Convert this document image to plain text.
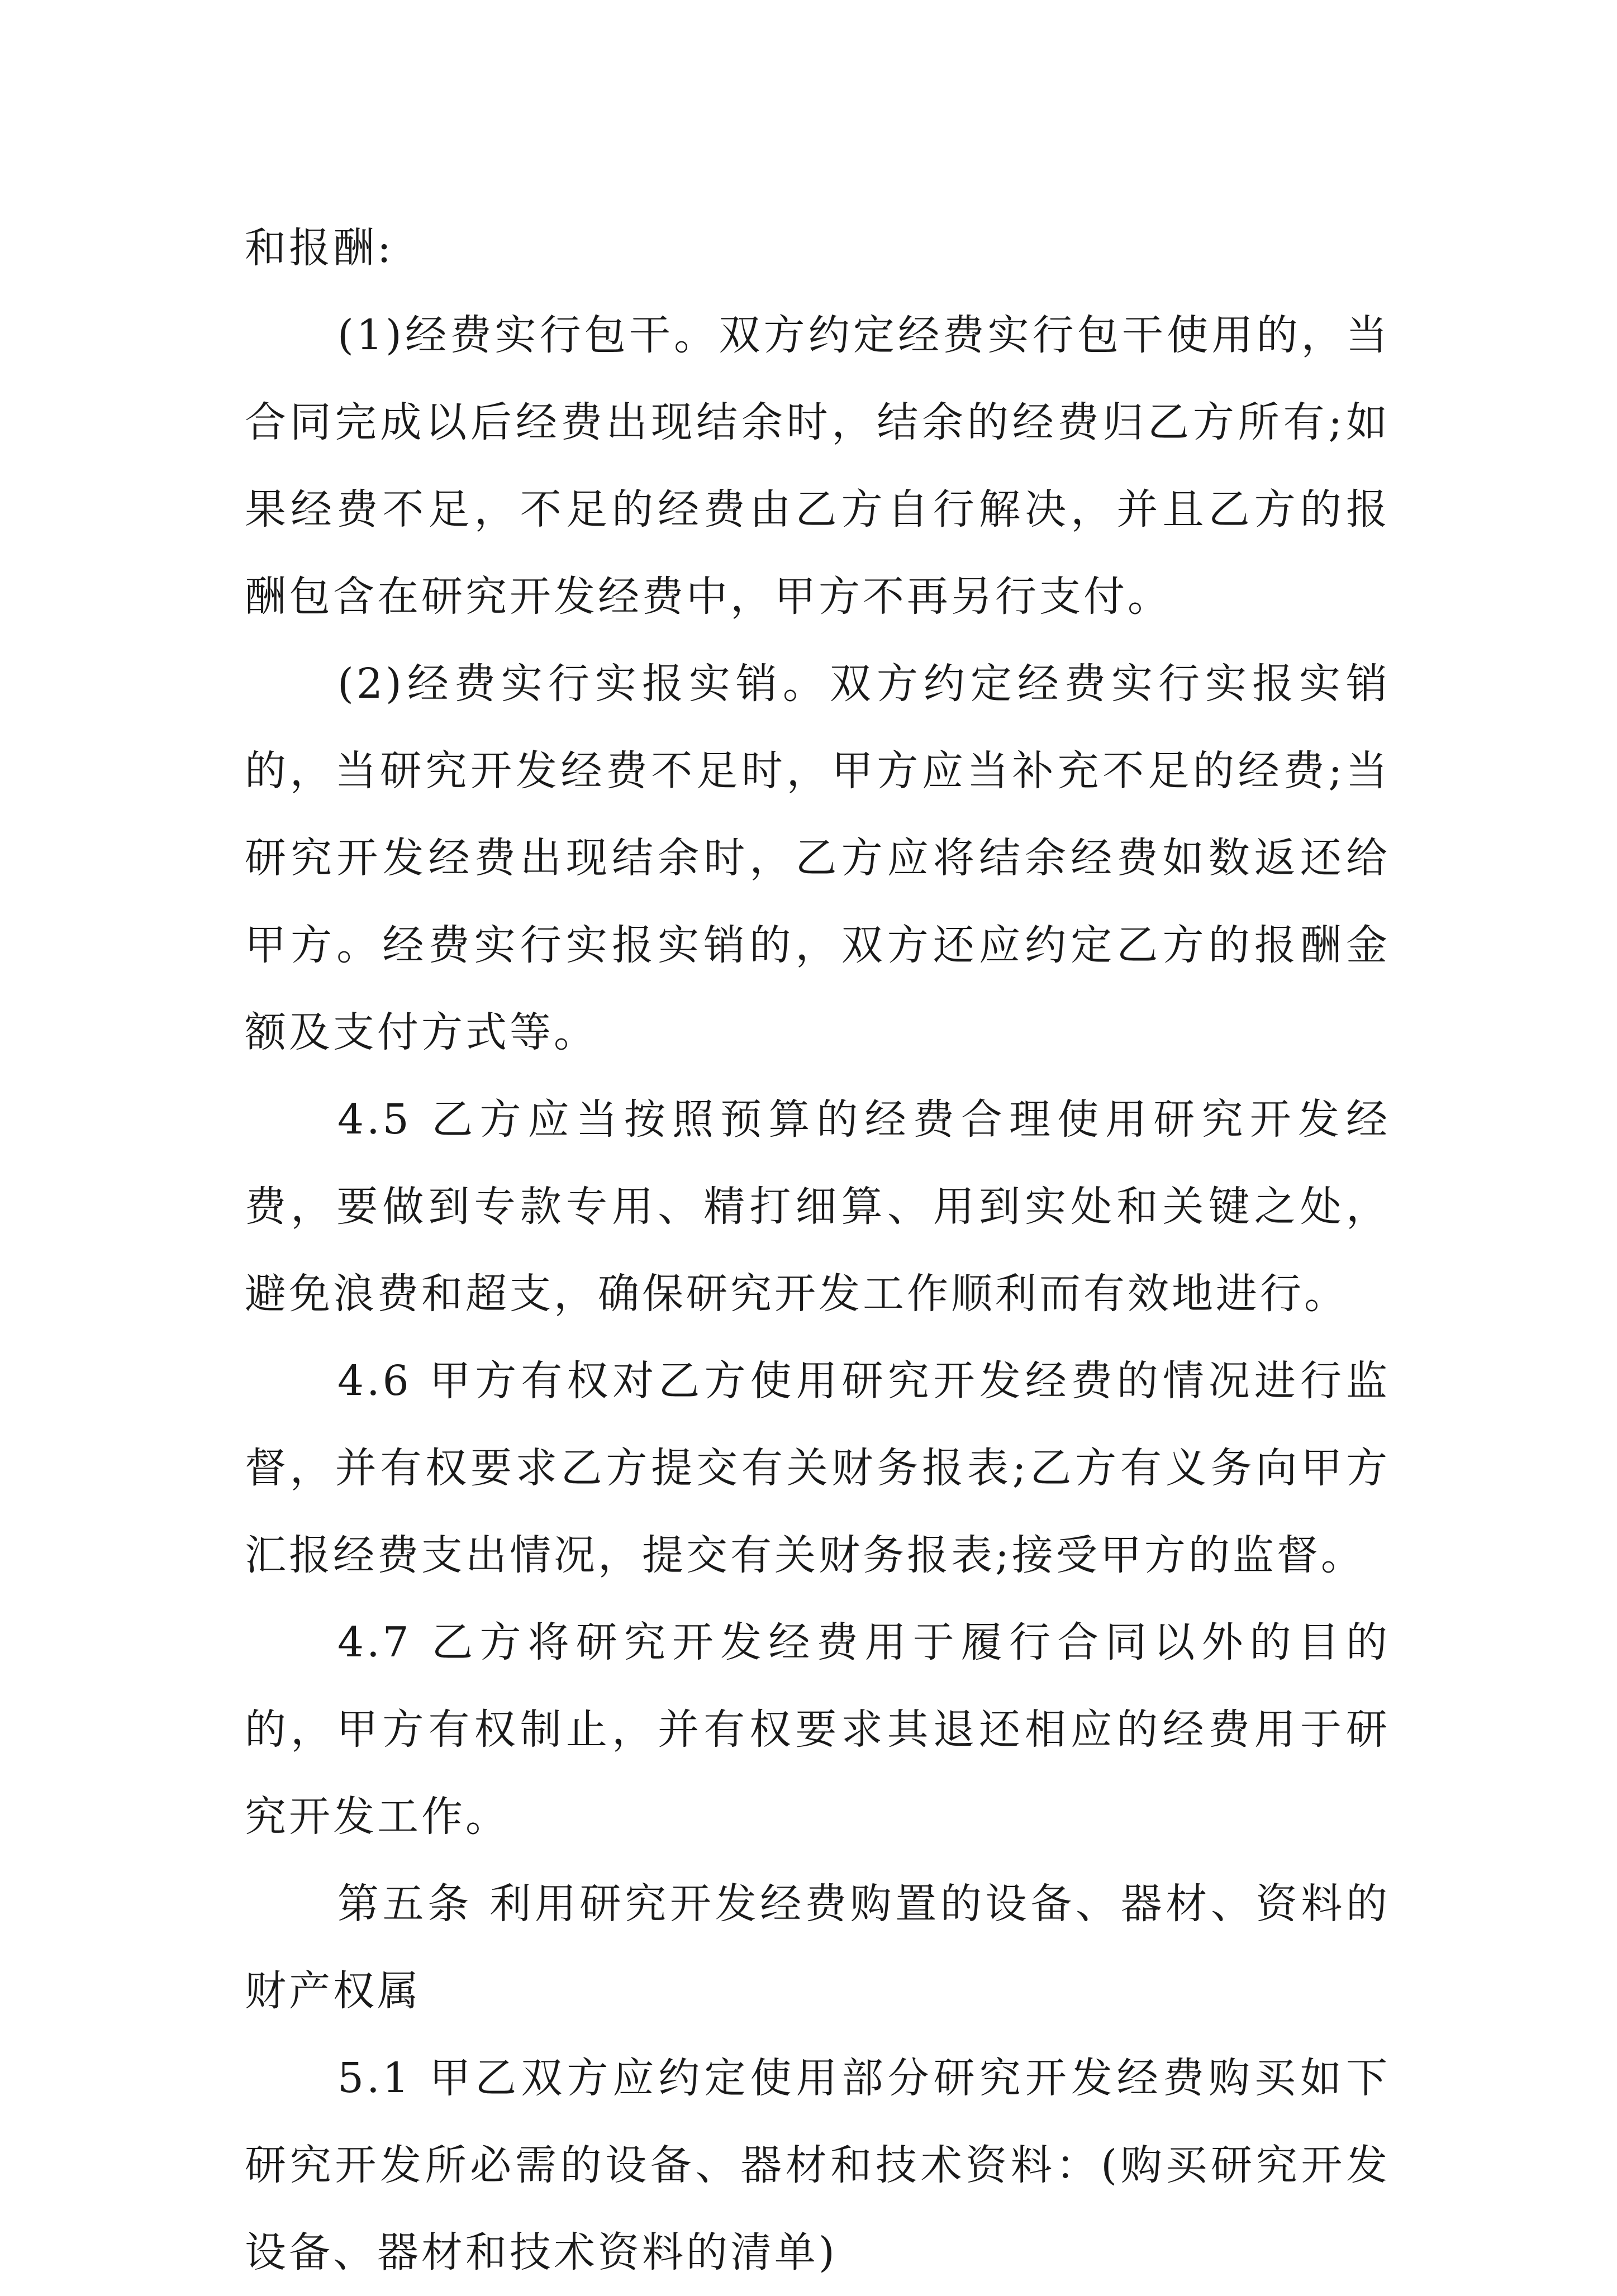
和报酬:

(1)经费实行包干。双方约定经费实行包干使用的，当合同完成以后经费出现结余时，结余的经费归乙方所有;如果经费不足，不足的经费由乙方自行解决，并且乙方的报酬包含在研究开发经费中，甲方不再另行支付。

(2)经费实行实报实销。双方约定经费实行实报实销的，当研究开发经费不足时，甲方应当补充不足的经费;当研究开发经费出现结余时，乙方应将结余经费如数返还给甲方。经费实行实报实销的，双方还应约定乙方的报酬金额及支付方式等。

4.5 乙方应当按照预算的经费合理使用研究开发经费，要做到专款专用、精打细算、用到实处和关键之处，避免浪费和超支，确保研究开发工作顺利而有效地进行。

4.6 甲方有权对乙方使用研究开发经费的情况进行监督，并有权要求乙方提交有关财务报表;乙方有义务向甲方汇报经费支出情况，提交有关财务报表;接受甲方的监督。

4.7 乙方将研究开发经费用于履行合同以外的目的的，甲方有权制止，并有权要求其退还相应的经费用于研究开发工作。

第五条 利用研究开发经费购置的设备、器材、资料的财产权属

5.1 甲乙双方应约定使用部分研究开发经费购买如下研究开发所必需的设备、器材和技术资料：(购买研究开发设备、器材和技术资料的清单)
